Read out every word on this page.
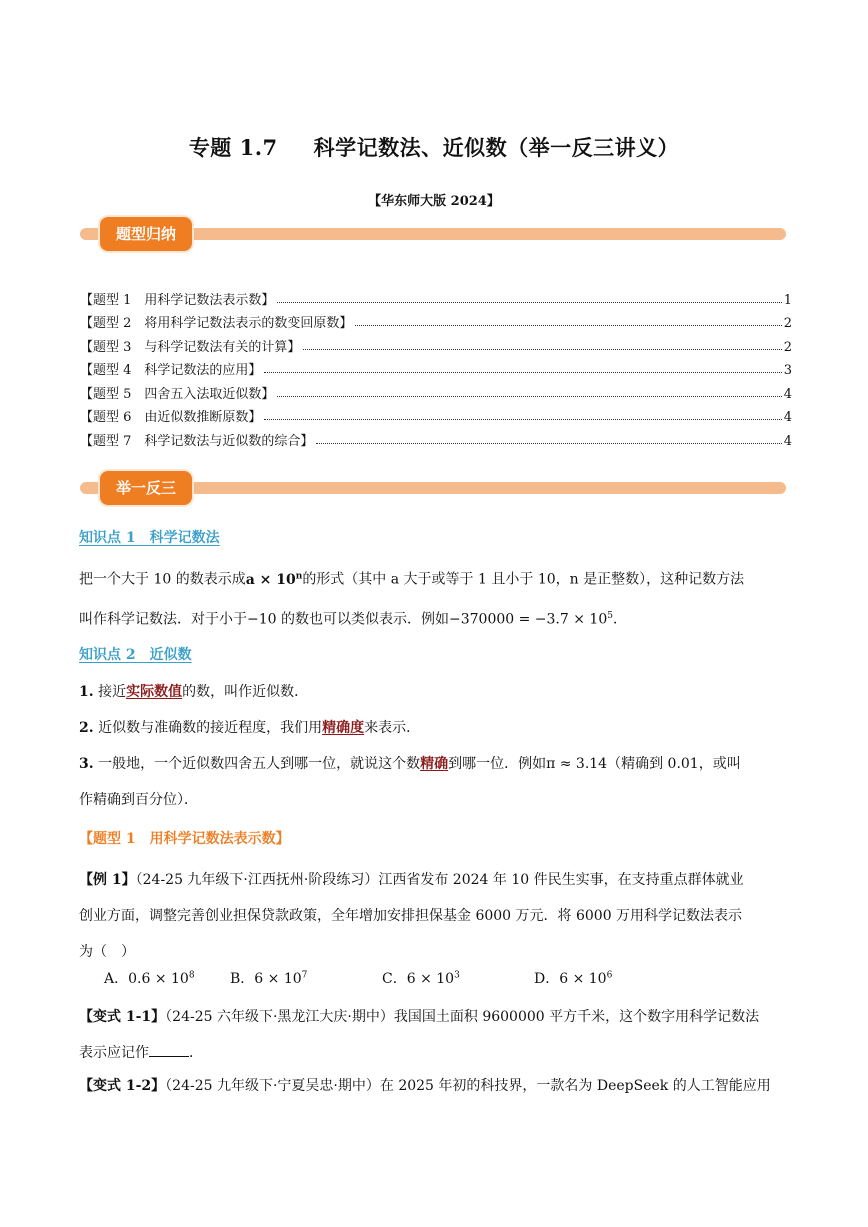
专题 1.7 科学记数法、近似数（举一反三讲义）
【华东师大版 2024】
题型归纳
【题型 1　用科学记数法表示数】	1
【题型 2　将用科学记数法表示的数变回原数】	2
【题型 3　与科学记数法有关的计算】	2
【题型 4　科学记数法的应用】	3
【题型 5　四舍五入法取近似数】	4
【题型 6　由近似数推断原数】	4
【题型 7　科学记数法与近似数的综合】	4
举一反三
知识点 1　科学记数法
把一个大于 10 的数表示成$a \times 10^n$的形式（其中 a 大于或等于 1 且小于 10，n 是正整数），这种记数方法
叫作科学记数法．对于小于−10 的数也可以类似表示．例如$-370000 = -3.7 \times 10^5$．
知识点 2　近似数
1. 接近实际数值的数，叫作近似数．
2. 近似数与准确数的接近程度，我们用精确度来表示．
3. 一般地，一个近似数四舍五人到哪一位，就说这个数精确到哪一位．例如π ≈ 3.14（精确到 0.01，或叫
作精确到百分位）．
【题型 1　用科学记数法表示数】
【例 1】（24-25 九年级下·江西抚州·阶段练习）江西省发布 2024 年 10 件民生实事，在支持重点群体就业
创业方面，调整完善创业担保贷款政策，全年增加安排担保基金 6000 万元．将 6000 万用科学记数法表示
为（　）
A．$0.6 \times 10^8$	B．$6 \times 10^7$	C．$6 \times 10^3$	D．$6 \times 10^6$
【变式 1-1】（24-25 六年级下·黑龙江大庆·期中）我国国土面积 9600000 平方千米，这个数字用科学记数法
表示应记作	．
【变式 1-2】（24-25 九年级下·宁夏吴忠·期中）在 2025 年初的科技界，一款名为 DeepSeek 的人工智能应用
